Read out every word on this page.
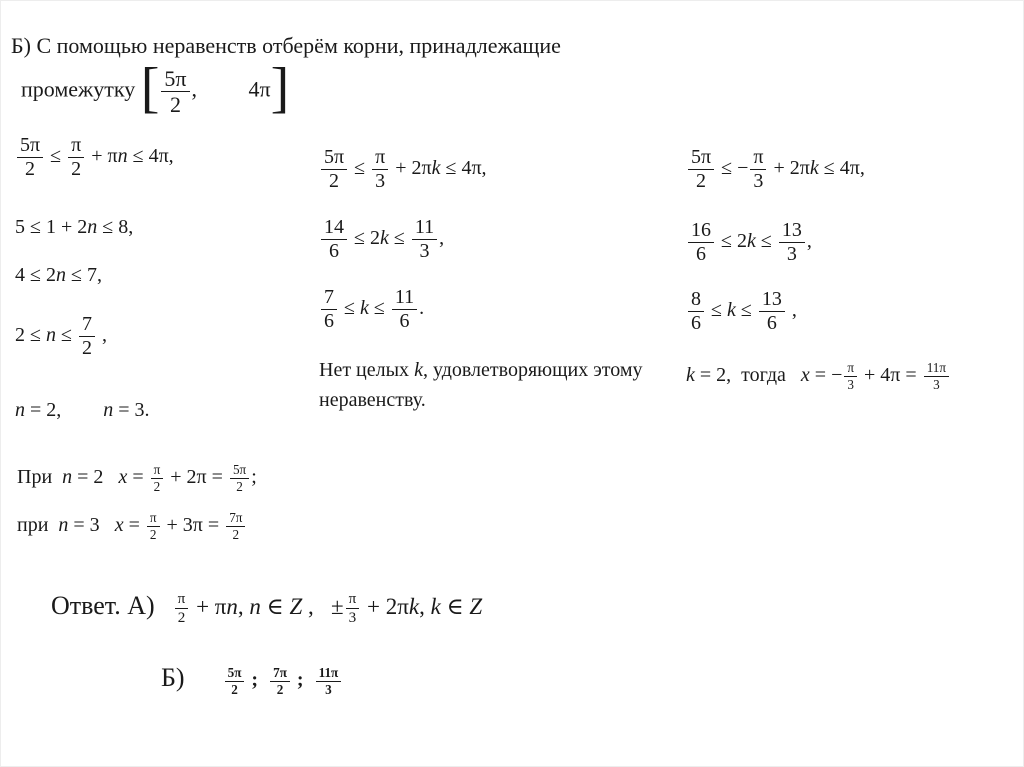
Б) С помощью неравенств отберём корни, принадлежащие
промежутку [ $\frac{5\pi}{2}$ , 4π]
$\frac{5\pi}{2} \le \frac{\pi}{2} + \pi n \le 4\pi$,
5 ≤ 1 + 2n ≤ 8,
4 ≤ 2n ≤ 7,
$2 \le n \le \frac{7}{2}$ ,
n = 2, n = 3.
$\frac{5\pi}{2} \le \frac{\pi}{3} + 2\pi k \le 4\pi$,
$\frac{14}{6} \le 2k \le \frac{11}{3}$ ,
$\frac{7}{6} \le k \le \frac{11}{6}$ .
Нет целых k, удовлетворяющих этому неравенству.
$\frac{5\pi}{2}$ ≤ − $\frac{\pi}{3} + 2\pi k \le 4\pi$,
$\frac{16}{6} \le 2k \le \frac{13}{3}$ ,
$\frac{8}{6} \le k \le \frac{13}{6}$ ,
k = 2,  тогда   x = − $\frac{\pi}{3} + 4\pi = \frac{11\pi}{3}$
При  n = 2   $x = \frac{\pi}{2} + 2\pi = \frac{5\pi}{2}$ ;
при  n = 3   $x = \frac{\pi}{2} + 3\pi = \frac{7\pi}{2}$
Ответ. $А) \frac{\pi}{2} + \pi n$, n ∈ Z ,   ± $\frac{\pi}{3} + 2\pi k$, k ∈ Z
Б)	$\frac{5\pi}{2}$ ; $\frac{7\pi}{2}$ ; $\frac{11\pi}{3}$
